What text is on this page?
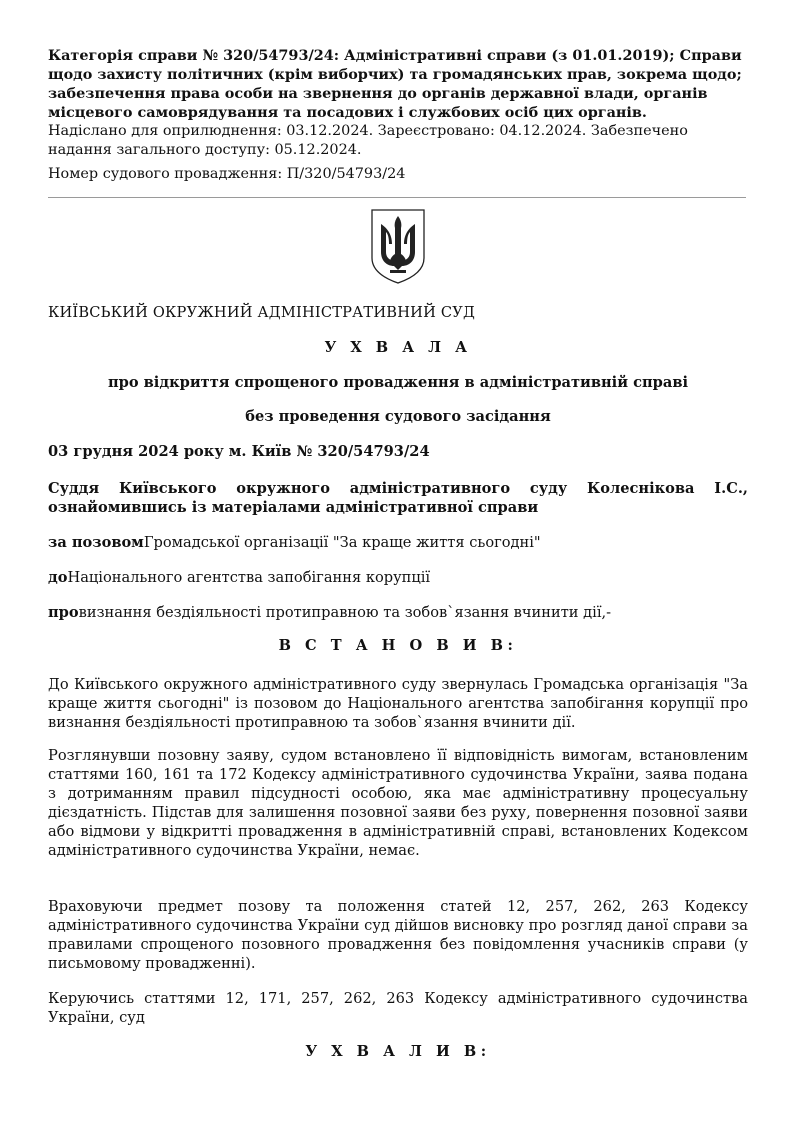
Категорія справи № 320/54793/24: Адміністративні справи (з 01.01.2019); Справи щодо захисту політичних (крім виборчих) та громадянських прав, зокрема щодо; забезпечення права особи на звернення до органів державної влади, органів місцевого самоврядування та посадових і службових осіб цих органів.

Надіслано для оприлюднення: 03.12.2024. Зареєстровано: 04.12.2024. Забезпечено надання загального доступу: 05.12.2024.

Номер судового провадження: П/320/54793/24

КИЇВСЬКИЙ ОКРУЖНИЙ АДМІНІСТРАТИВНИЙ СУД
У Х В А Л А
про відкриття спрощеного провадження в адміністративній справі
без проведення судового засідання
03 грудня 2024 року м. Київ № 320/54793/24
Суддя Київського окружного адміністративного суду Колеснікова І.С., ознайомившись із матеріалами адміністративної справи
за позовомГромадської організації "За краще життя сьогодні"
доНаціонального агентства запобігання корупції
провизнання бездіяльності протиправною та зобов`язання вчинити дії,-
В С Т А Н О В И В:
До Київського окружного адміністративного суду звернулась Громадська організація "За краще життя сьогодні" із позовом до Національного агентства запобігання корупції про визнання бездіяльності протиправною та зобов`язання вчинити дії.
Розглянувши позовну заяву, судом встановлено її відповідність вимогам, встановленим статтями 160, 161 та 172 Кодексу адміністративного судочинства України, заява подана з дотриманням правил підсудності особою, яка має адміністративну процесуальну дієздатність. Підстав для залишення позовної заяви без руху, повернення позовної заяви або відмови у відкритті провадження в адміністративній справі, встановлених Кодексом адміністративного судочинства України, немає.
Враховуючи предмет позову та положення статей 12, 257, 262, 263 Кодексу адміністративного судочинства України суд дійшов висновку про розгляд даної справи за правилами спрощеного позовного провадження без повідомлення учасників справи (у письмовому провадженні).
Керуючись статтями 12, 171, 257, 262, 263 Кодексу адміністративного судочинства України, суд
У Х В А Л И В:
